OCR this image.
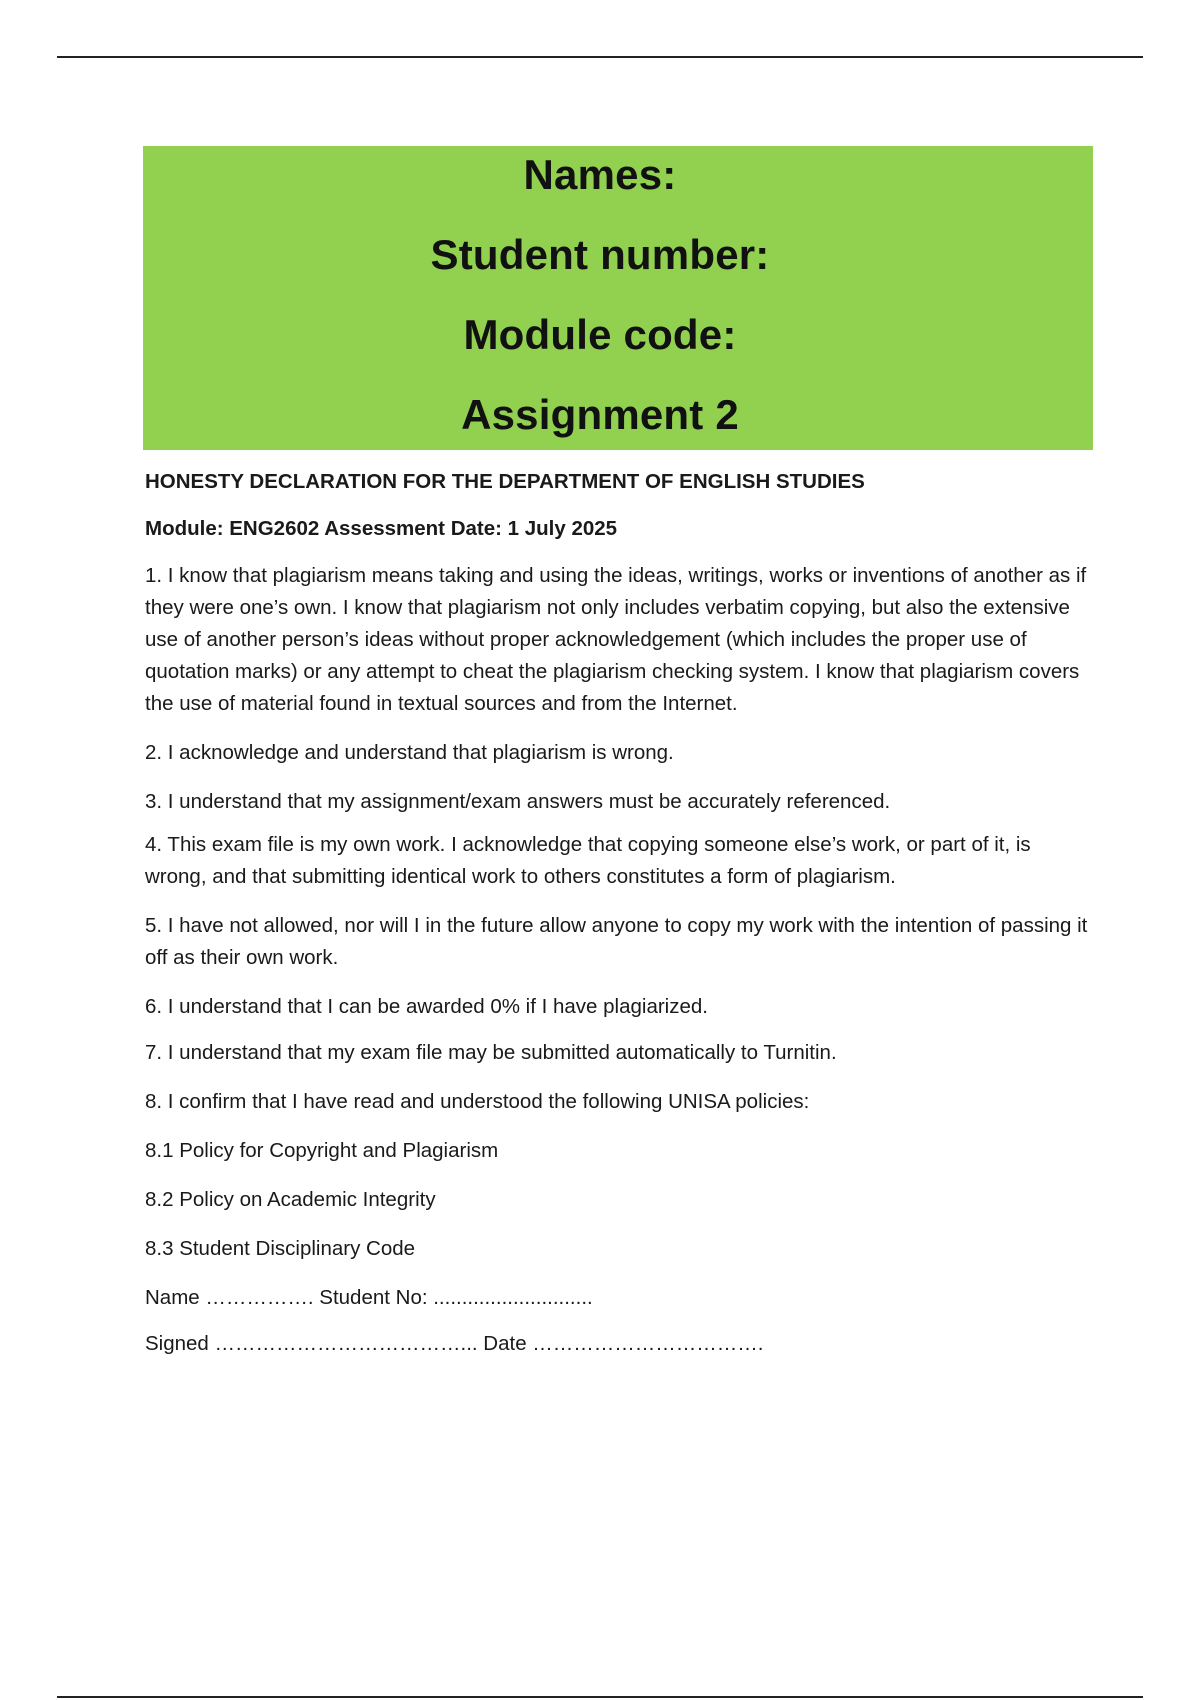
Names:
Student number:
Module code:
Assignment 2

HONESTY DECLARATION FOR THE DEPARTMENT OF ENGLISH STUDIES

Module: ENG2602 Assessment Date: 1 July 2025

1. I know that plagiarism means taking and using the ideas, writings, works or inventions of another as if they were one’s own. I know that plagiarism not only includes verbatim copying, but also the extensive use of another person’s ideas without proper acknowledgement (which includes the proper use of quotation marks) or any attempt to cheat the plagiarism checking system. I know that plagiarism covers the use of material found in textual sources and from the Internet.

2. I acknowledge and understand that plagiarism is wrong.

3. I understand that my assignment/exam answers must be accurately referenced.

4. This exam file is my own work. I acknowledge that copying someone else’s work, or part of it, is wrong, and that submitting identical work to others constitutes a form of plagiarism.

5. I have not allowed, nor will I in the future allow anyone to copy my work with the intention of passing it off as their own work.

6. I understand that I can be awarded 0% if I have plagiarized.

7. I understand that my exam file may be submitted automatically to Turnitin.

8. I confirm that I have read and understood the following UNISA policies:

8.1 Policy for Copyright and Plagiarism

8.2 Policy on Academic Integrity

8.3 Student Disciplinary Code

Name ……………. Student No: ............................

Signed ………………………………... Date …………………………….
